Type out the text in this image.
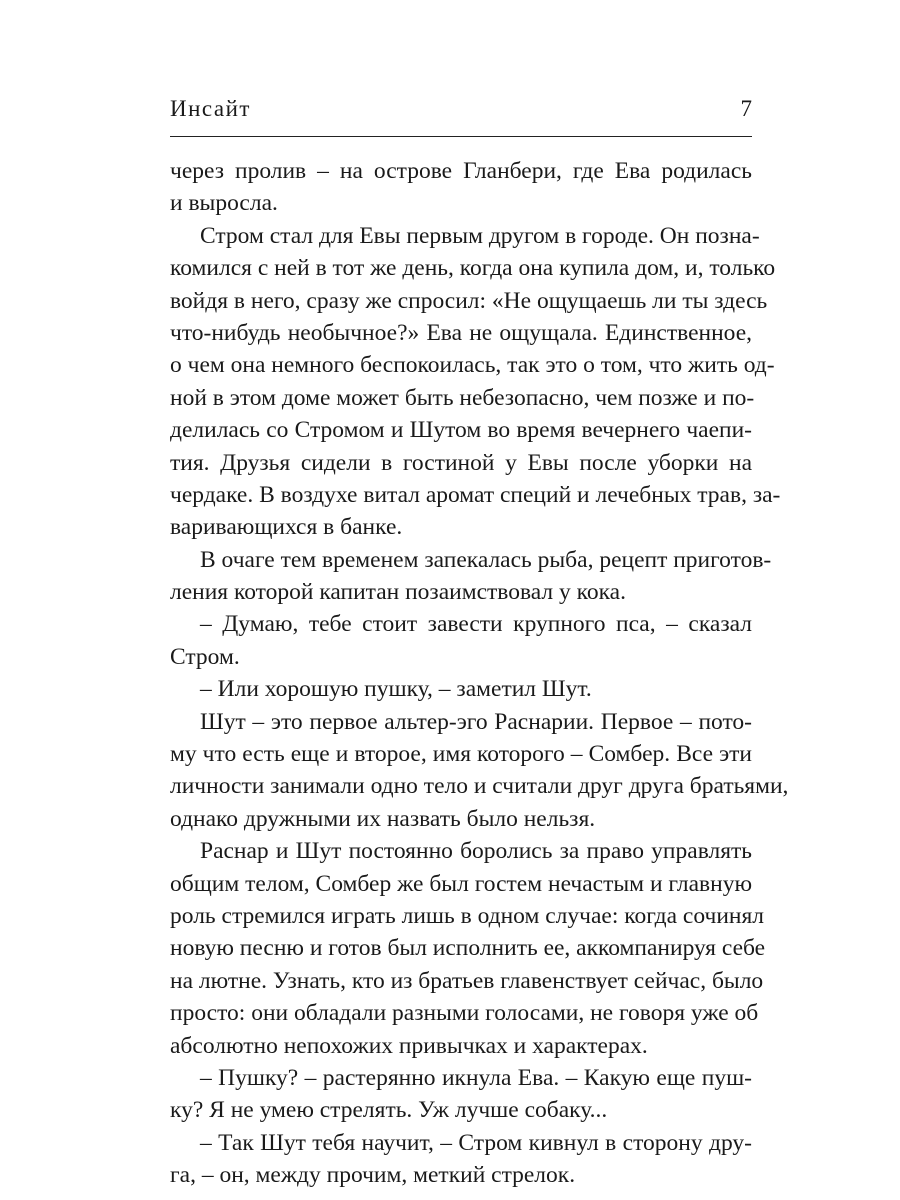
Инсайт	7
через пролив – на острове Гланбери, где Ева родилась
и выросла.
Стром стал для Евы первым другом в городе. Он позна-
комился с ней в тот же день, когда она купила дом, и, только
войдя в него, сразу же спросил: «Не ощущаешь ли ты здесь
что-нибудь необычное?» Ева не ощущала. Единственное,
о чем она немного беспокоилась, так это о том, что жить од-
ной в этом доме может быть небезопасно, чем позже и по-
делилась со Стромом и Шутом во время вечернего чаепи-
тия. Друзья сидели в гостиной у Евы после уборки на
чердаке. В воздухе витал аромат специй и лечебных трав, за-
варивающихся в банке.
В очаге тем временем запекалась рыба, рецепт приготов-
ления которой капитан позаимствовал у кока.
– Думаю, тебе стоит завести крупного пса, – сказал
Стром.
– Или хорошую пушку, – заметил Шут.
Шут – это первое альтер-эго Раснарии. Первое – пото-
му что есть еще и второе, имя которого – Сомбер. Все эти
личности занимали одно тело и считали друг друга братьями,
однако дружными их назвать было нельзя.
Раснар и Шут постоянно боролись за право управлять
общим телом, Сомбер же был гостем нечастым и главную
роль стремился играть лишь в одном случае: когда сочинял
новую песню и готов был исполнить ее, аккомпанируя себе
на лютне. Узнать, кто из братьев главенствует сейчас, было
просто: они обладали разными голосами, не говоря уже об
абсолютно непохожих привычках и характерах.
– Пушку? – растерянно икнула Ева. – Какую еще пуш-
ку? Я не умею стрелять. Уж лучше собаку...
– Так Шут тебя научит, – Стром кивнул в сторону дру-
га, – он, между прочим, меткий стрелок.
